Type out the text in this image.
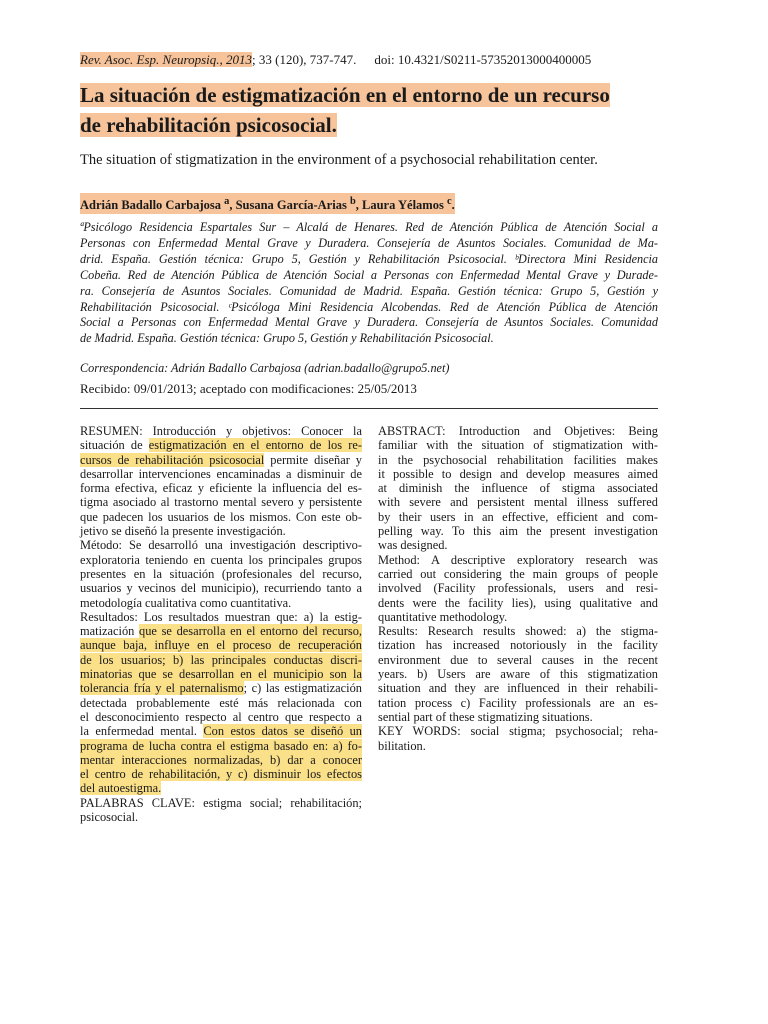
Rev. Asoc. Esp. Neuropsiq., 2013; 33 (120), 737-747. doi: 10.4321/S0211-57352013000400005
La situación de estigmatización en el entorno de un recurso
de rehabilitación psicosocial.
The situation of stigmatization in the environment of a psychosocial rehabilitation center.
Adrián Badallo Carbajosa $^a$, Susana García-Arias $^b$, Laura Yélamos $^c$.
ªPsicólogo Residencia Espartales Sur – Alcalá de Henares. Red de Atención Pública de Atención Social a
Personas con Enfermedad Mental Grave y Duradera. Consejería de Asuntos Sociales. Comunidad de Ma-
drid. España. Gestión técnica: Grupo 5, Gestión y Rehabilitación Psicosocial. ᵇDirectora Mini Residencia
Cobeña. Red de Atención Pública de Atención Social a Personas con Enfermedad Mental Grave y Durade-
ra. Consejería de Asuntos Sociales. Comunidad de Madrid. España. Gestión técnica: Grupo 5, Gestión y
Rehabilitación Psicosocial. ᶜPsicóloga Mini Residencia Alcobendas. Red de Atención Pública de Atención
Social a Personas con Enfermedad Mental Grave y Duradera. Consejería de Asuntos Sociales. Comunidad
de Madrid. España. Gestión técnica: Grupo 5, Gestión y Rehabilitación Psicosocial.
Correspondencia: Adrián Badallo Carbajosa (adrian.badallo@grupo5.net)
Recibido: 09/01/2013; aceptado con modificaciones: 25/05/2013
RESUMEN: Introducción y objetivos: Conocer la
situación de estigmatización en el entorno de los re-
cursos de rehabilitación psicosocial permite diseñar y
desarrollar intervenciones encaminadas a disminuir de
forma efectiva, eficaz y eficiente la influencia del es-
tigma asociado al trastorno mental severo y persistente
que padecen los usuarios de los mismos. Con este ob-
jetivo se diseñó la presente investigación.
Método: Se desarrolló una investigación descriptivo-
exploratoria teniendo en cuenta los principales grupos
presentes en la situación (profesionales del recurso,
usuarios y vecinos del municipio), recurriendo tanto a
metodología cualitativa como cuantitativa.
Resultados: Los resultados muestran que: a) la estig-
matización que se desarrolla en el entorno del recurso,
aunque baja, influye en el proceso de recuperación
de los usuarios; b) las principales conductas discri-
minatorias que se desarrollan en el municipio son la
tolerancia fría y el paternalismo; c) las estigmatización
detectada probablemente esté más relacionada con
el desconocimiento respecto al centro que respecto a
la enfermedad mental. Con estos datos se diseñó un
programa de lucha contra el estigma basado en: a) fo-
mentar interacciones normalizadas, b) dar a conocer
el centro de rehabilitación, y c) disminuir los efectos
del autoestigma.
PALABRAS CLAVE: estigma social; rehabilitación;
psicosocial.
ABSTRACT: Introduction and Objetives: Being
familiar with the situation of stigmatization with-
in the psychosocial rehabilitation facilities makes
it possible to design and develop measures aimed
at diminish the influence of stigma associated
with severe and persistent mental illness suffered
by their users in an effective, efficient and com-
pelling way. To this aim the present investigation
was designed.
Method: A descriptive exploratory research was
carried out considering the main groups of people
involved (Facility professionals, users and resi-
dents were the facility lies), using qualitative and
quantitative methodology.
Results: Research results showed: a) the stigma-
tization has increased notoriously in the facility
environment due to several causes in the recent
years. b) Users are aware of this stigmatization
situation and they are influenced in their rehabili-
tation process c) Facility professionals are an es-
sential part of these stigmatizing situations.
KEY WORDS: social stigma; psychosocial; reha-
bilitation.
